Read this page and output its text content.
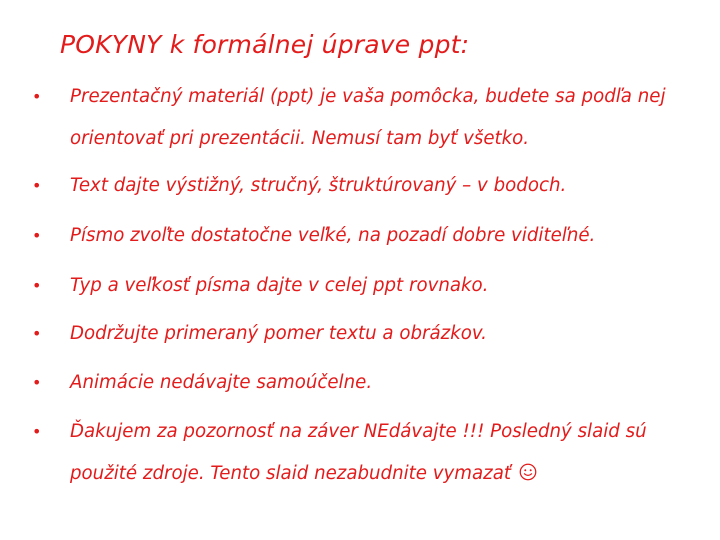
POKYNY k formálnej úprave ppt:
• Prezentačný materiál (ppt) je vaša pomôcka, budete sa podľa nej orientovať pri prezentácii. Nemusí tam byť všetko.
• Text dajte výstižný, stručný, štruktúrovaný – v bodoch.
• Písmo zvoľte dostatočne veľké, na pozadí dobre viditeľné.
• Typ a veľkosť písma dajte v celej ppt rovnako.
• Dodržujte primeraný pomer textu a obrázkov.
• Animácie nedávajte samoúčelne.
• Ďakujem za pozornosť na záver NEdávajte !!! Posledný slaid sú použité zdroje. Tento slaid nezabudnite vymazať
